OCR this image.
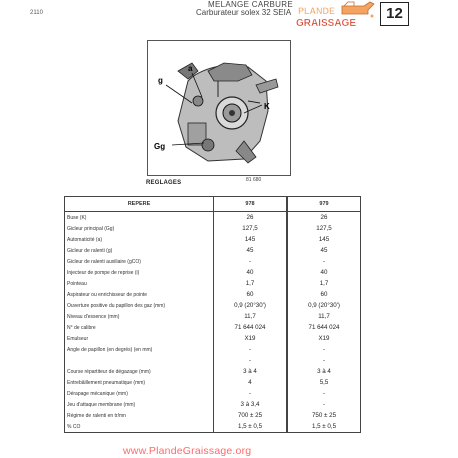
2110
MELANGE CARBURE
Carburateur solex 32 SEIA	12
PLANDE
GRAISSAGE
g
a
K
Gg
81 680
REGLAGES
REPERE	978		979
Buse (K)	26		26
Gicleur principal (Gg)	127,5		127,5
Automaticité (a)	145		145
Gicleur de ralenti (g)	45		45
Gicleur de ralenti auxiliaire (gCO)	-		-
Injecteur de pompe de reprise (i)	40		40
Pointeau	1,7		1,7
Aspirateur ou enrichisseur de pointe	60		60
Ouverture positive du papillon des gaz (mm)	0,9 (20°30')		0,9 (20°30')
Niveau d'essence (mm)	11,7		11,7
N° de calibre	71 644 024		71 644 024
Emulseur	X19		X19
Angle de papillon (en degrés) (en mm)	-		-
	-		-
Course répartiteur de dégazage (mm)	3 à 4		3 à 4
Entrebâillement pneumatique (mm)	4		5,5
Dérapage mécanique (mm)	-		-
Jeu d'attaque membrane (mm)	3 à 3,4		-
Régime de ralenti en tr/mn	700 ± 25		750 ± 25
% CO	1,5 ± 0,5		1,5 ± 0,5
www.PlandeGraissage.org
